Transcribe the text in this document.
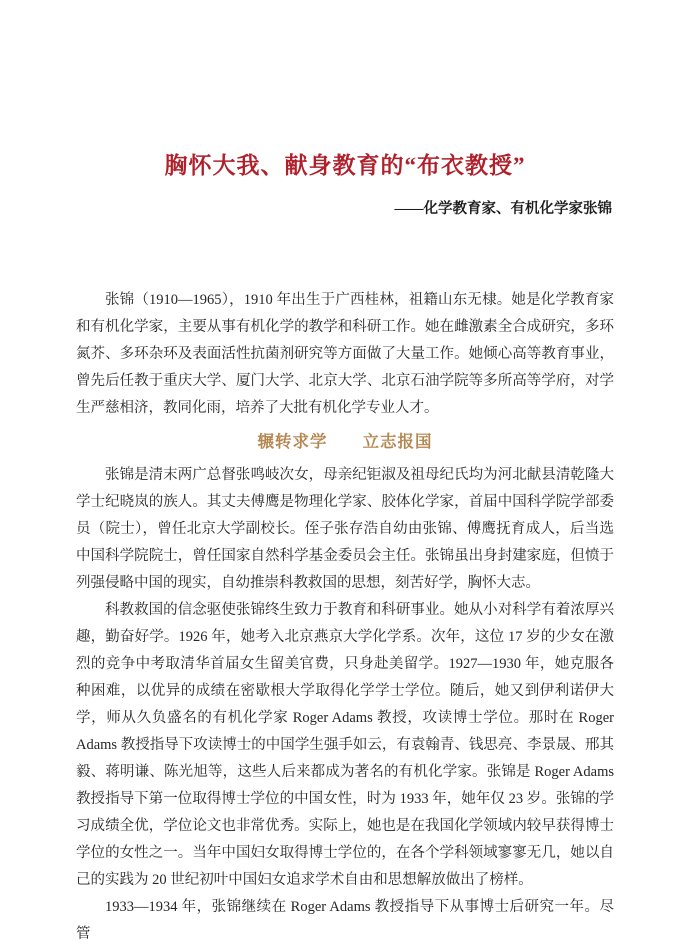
胸怀大我、献身教育的“布衣教授”
——化学教育家、有机化学家张锦

张锦（1910—1965），1910 年出生于广西桂林，祖籍山东无棣。她是化学教育家和有机化学家，主要从事有机化学的教学和科研工作。她在雌激素全合成研究，多环氮芥、多环杂环及表面活性抗菌剂研究等方面做了大量工作。她倾心高等教育事业，曾先后任教于重庆大学、厦门大学、北京大学、北京石油学院等多所高等学府，对学生严慈相济，教同化雨，培养了大批有机化学专业人才。

辗转求学　　立志报国

张锦是清末两广总督张鸣岐次女，母亲纪钜淑及祖母纪氏均为河北献县清乾隆大学士纪晓岚的族人。其丈夫傅鹰是物理化学家、胶体化学家，首届中国科学院学部委员（院士），曾任北京大学副校长。侄子张存浩自幼由张锦、傅鹰抚育成人，后当选中国科学院院士，曾任国家自然科学基金委员会主任。张锦虽出身封建家庭，但愤于列强侵略中国的现实，自幼推崇科教救国的思想，刻苦好学，胸怀大志。

科教救国的信念驱使张锦终生致力于教育和科研事业。她从小对科学有着浓厚兴趣，勤奋好学。1926 年，她考入北京燕京大学化学系。次年，这位 17 岁的少女在激烈的竞争中考取清华首届女生留美官费，只身赴美留学。1927—1930 年，她克服各种困难，以优异的成绩在密歇根大学取得化学学士学位。随后，她又到伊利诺伊大学，师从久负盛名的有机化学家 Roger Adams 教授，攻读博士学位。那时在 Roger Adams 教授指导下攻读博士的中国学生强手如云，有袁翰青、钱思亮、李景晟、邢其毅、蒋明谦、陈光旭等，这些人后来都成为著名的有机化学家。张锦是 Roger Adams 教授指导下第一位取得博士学位的中国女性，时为 1933 年，她年仅 23 岁。张锦的学习成绩全优，学位论文也非常优秀。实际上，她也是在我国化学领域内较早获得博士学位的女性之一。当年中国妇女取得博士学位的，在各个学科领域寥寥无几，她以自己的实践为 20 世纪初叶中国妇女追求学术自由和思想解放做出了榜样。

1933—1934 年，张锦继续在 Roger Adams 教授指导下从事博士后研究一年。尽管
